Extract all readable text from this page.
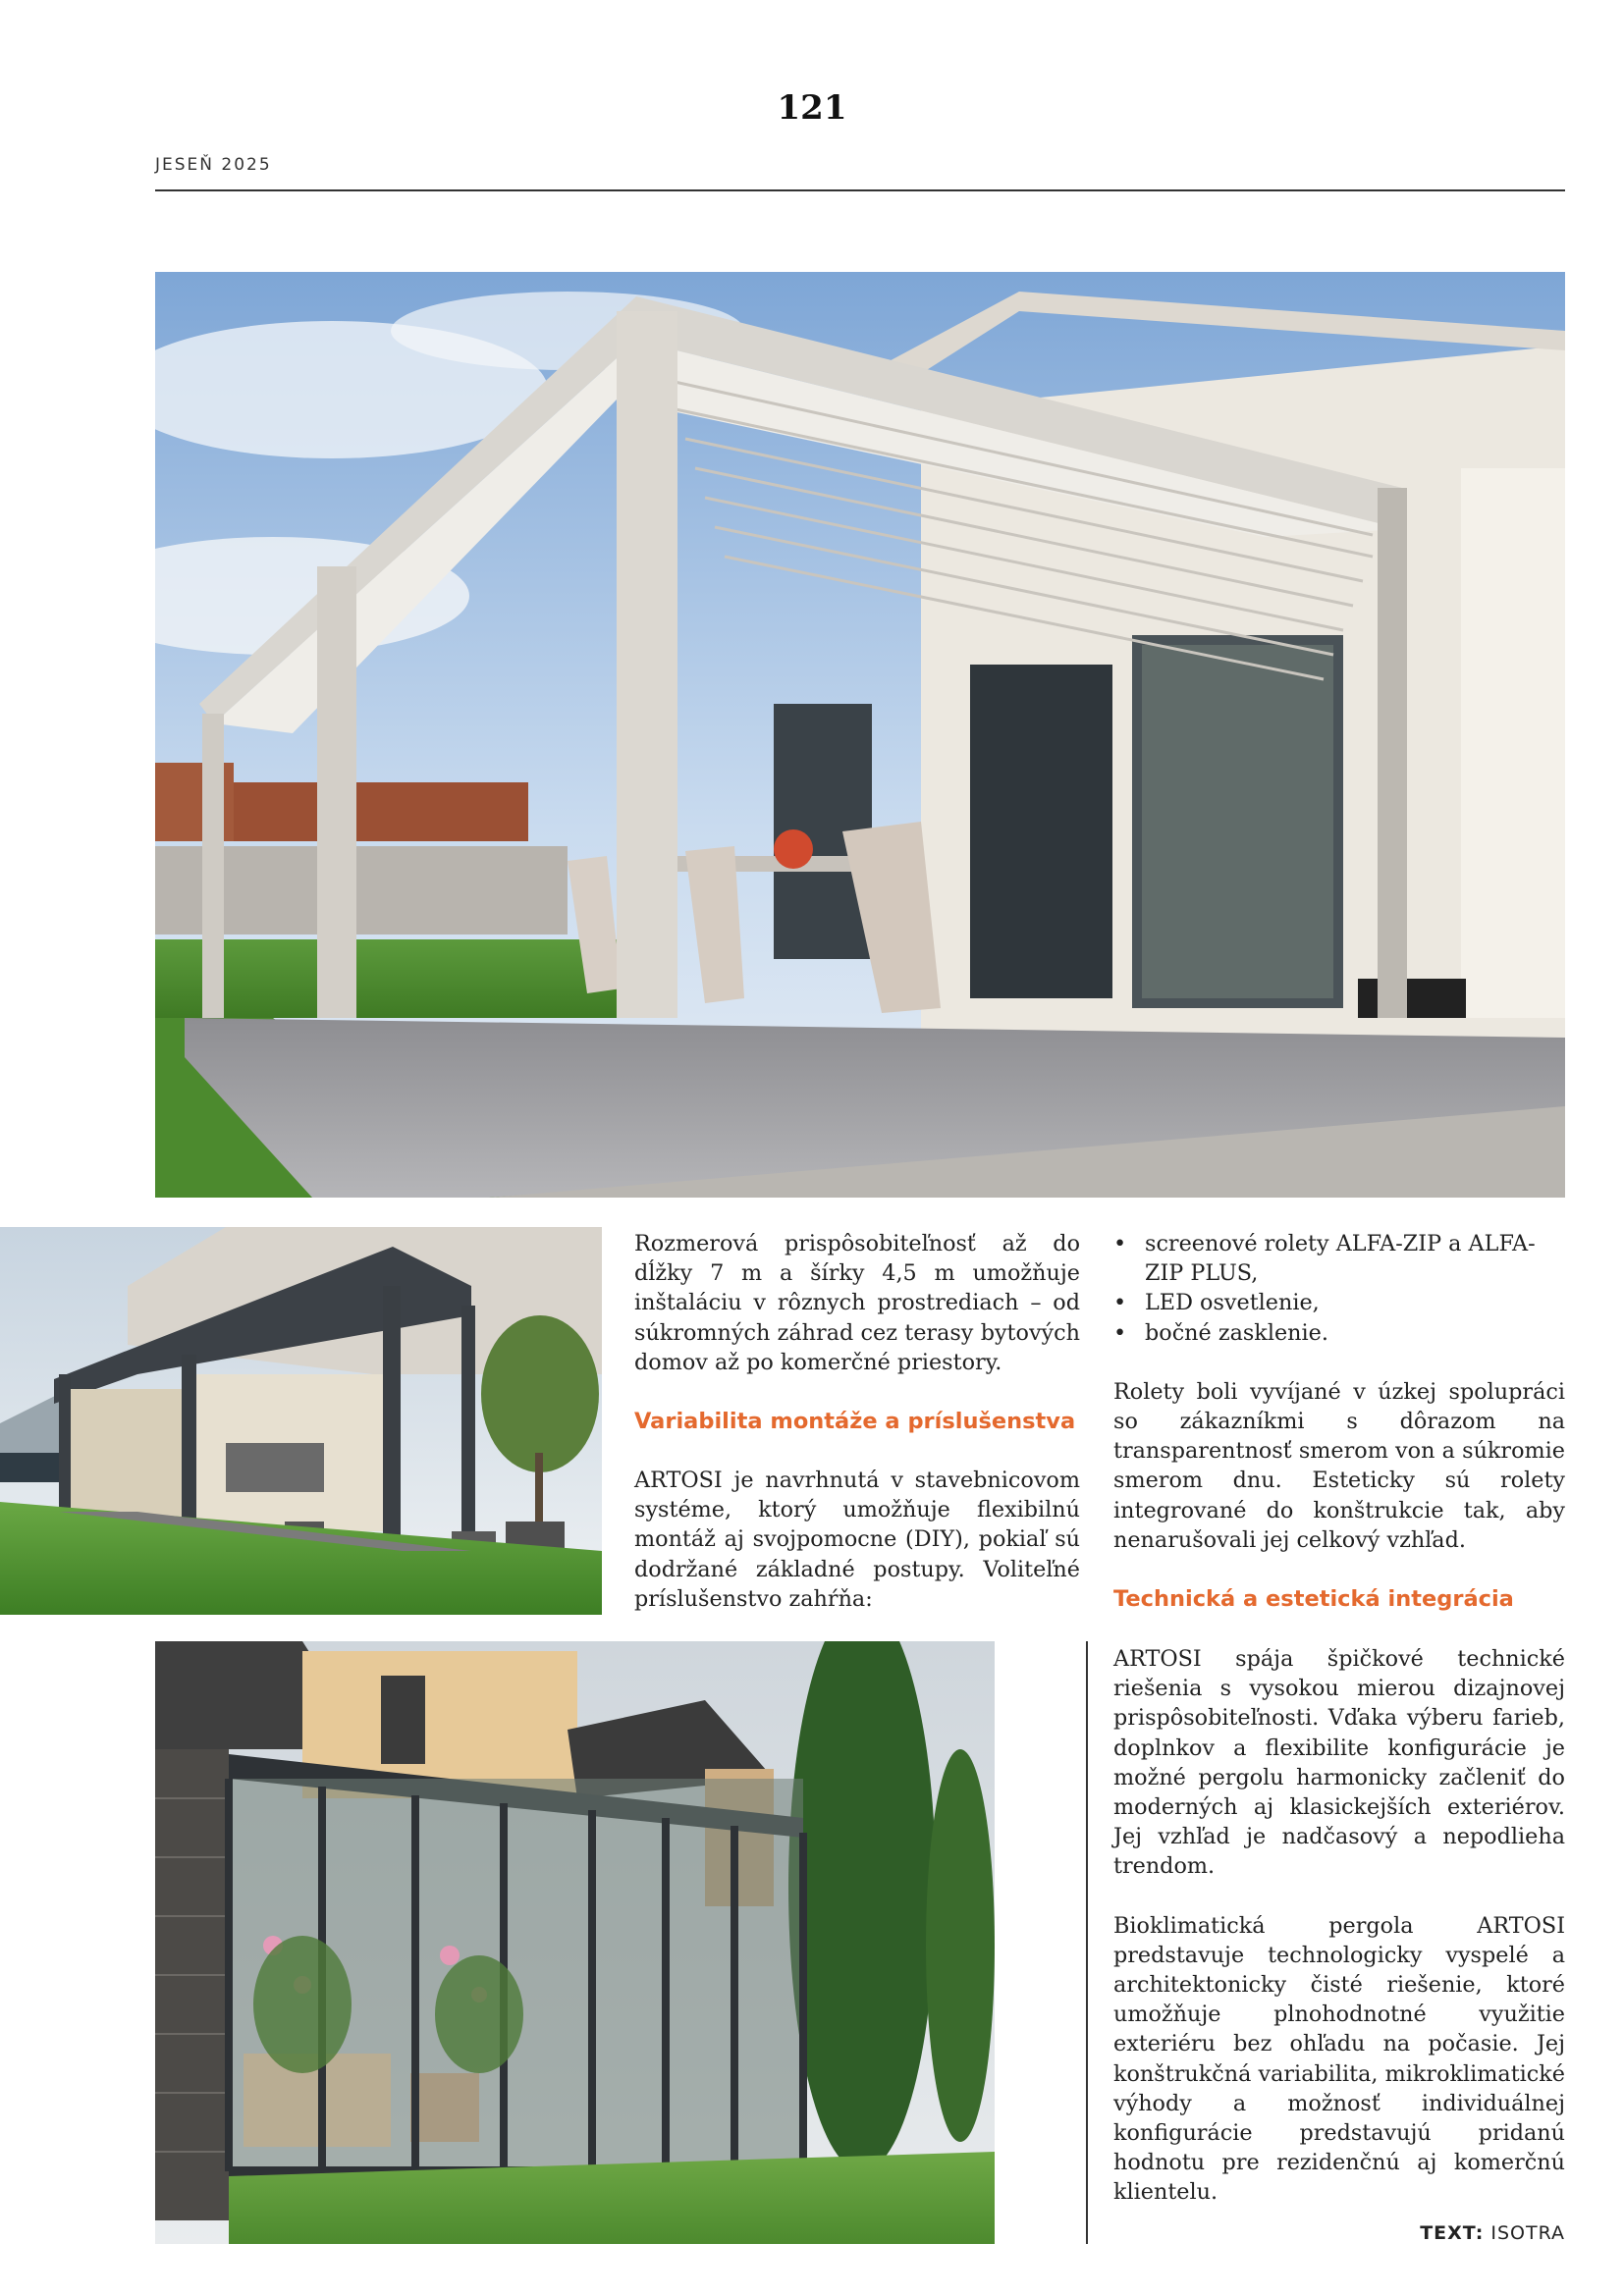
121
JESEŇ 2025

Rozmerová prispôsobiteľnosť až do dĺžky 7 m a šírky 4,5 m umožňuje inštaláciu v rôznych prostrediach – od súkromných záhrad cez terasy bytových domov až po komerčné priestory.

Variabilita montáže a príslušenstva

ARTOSI je navrhnutá v stavebnicovom systéme, ktorý umožňuje flexibilnú montáž aj svojpomocne (DIY), pokiaľ sú dodržané základné postupy. Voliteľné príslušenstvo zahŕňa:

• screenové rolety ALFA-ZIP a ALFA-ZIP PLUS,
• LED osvetlenie,
• bočné zasklenie.

Rolety boli vyvíjané v úzkej spolupráci so zákazníkmi s dôrazom na transparentnosť smerom von a súkromie smerom dnu. Esteticky sú rolety integrované do konštrukcie tak, aby nenarušovali jej celkový vzhľad.

Technická a estetická integrácia

ARTOSI spája špičkové technické riešenia s vysokou mierou dizajnovej prispôsobiteľnosti. Vďaka výberu farieb, doplnkov a flexibilite konfigurácie je možné pergolu harmonicky začleniť do moderných aj klasickejších exteriérov. Jej vzhľad je nadčasový a nepodlieha trendom.

Bioklimatická pergola ARTOSI predstavuje technologicky vyspelé a architektonicky čisté riešenie, ktoré umožňuje plnohodnotné využitie exteriéru bez ohľadu na počasie. Jej konštrukčná variabilita, mikroklimatické výhody a možnosť individuálnej konfigurácie predstavujú pridanú hodnotu pre rezidenčnú aj komerčnú klientelu.

TEXT: ISOTRA
